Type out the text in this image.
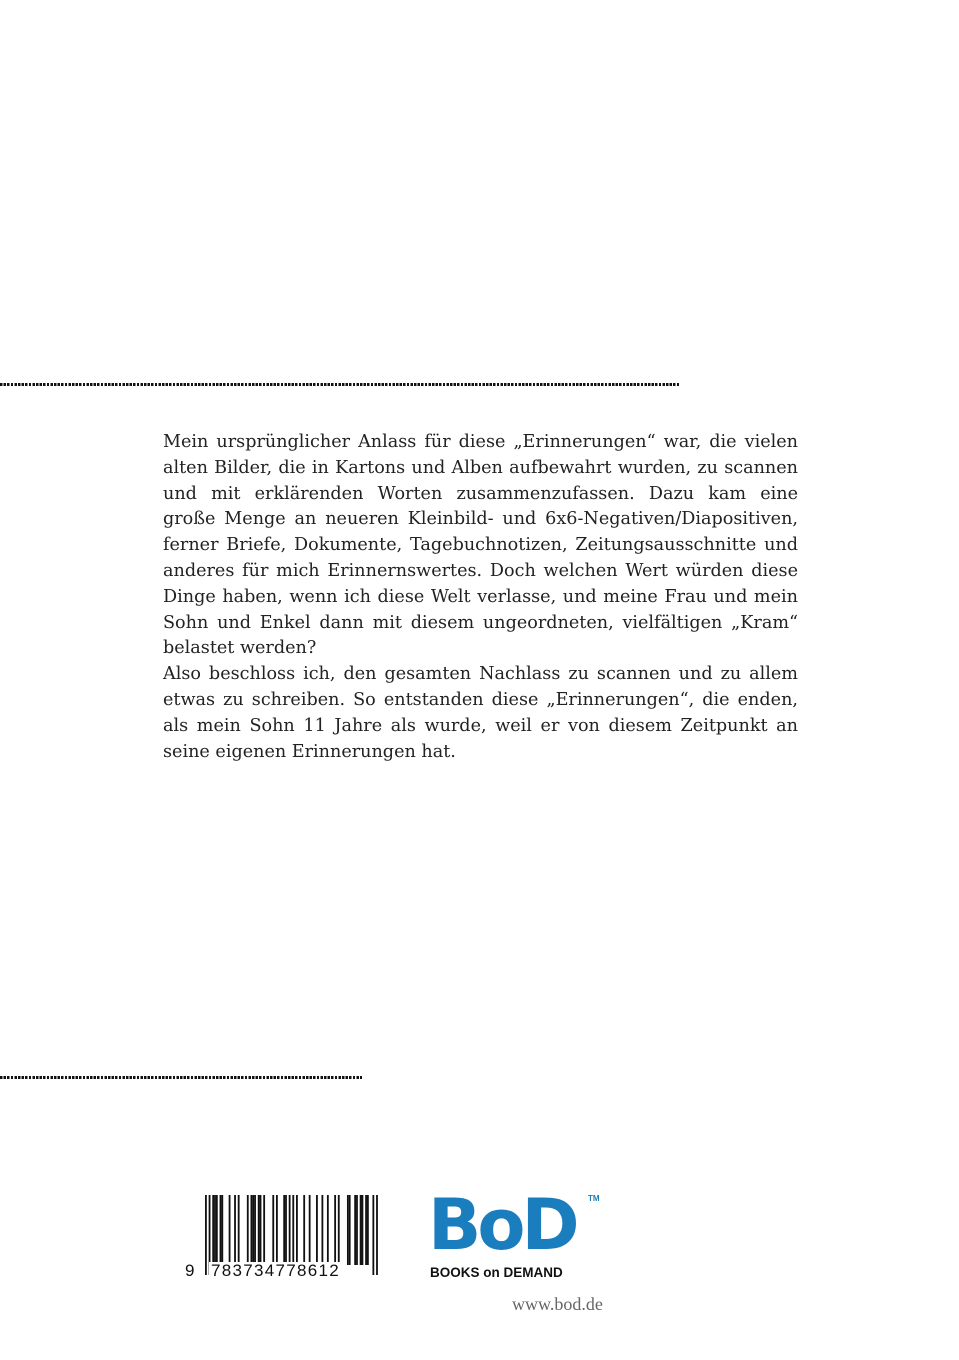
Mein ursprünglicher Anlass für diese „Erinnerungen“ war, die vielen
alten Bilder, die in Kartons und Alben aufbewahrt wurden, zu scannen
und mit erklärenden Worten zusammenzufassen. Dazu kam eine
große Menge an neueren Kleinbild- und 6x6-Negativen/Diapositiven,
ferner Briefe, Dokumente, Tagebuchnotizen, Zeitungsausschnitte und
anderes für mich Erinnernswertes. Doch welchen Wert würden diese
Dinge haben, wenn ich diese Welt verlasse, und meine Frau und mein
Sohn und Enkel dann mit diesem ungeordneten, vielfältigen „Kram“
belastet werden?
Also beschloss ich, den gesamten Nachlass zu scannen und zu allem
etwas zu schreiben. So entstanden diese „Erinnerungen“, die enden,
als mein Sohn 11 Jahre als wurde, weil er von diesem Zeitpunkt an
seine eigenen Erinnerungen hat.
9 783734778612
BoD TM
BOOKS on DEMAND
www.bod.de
